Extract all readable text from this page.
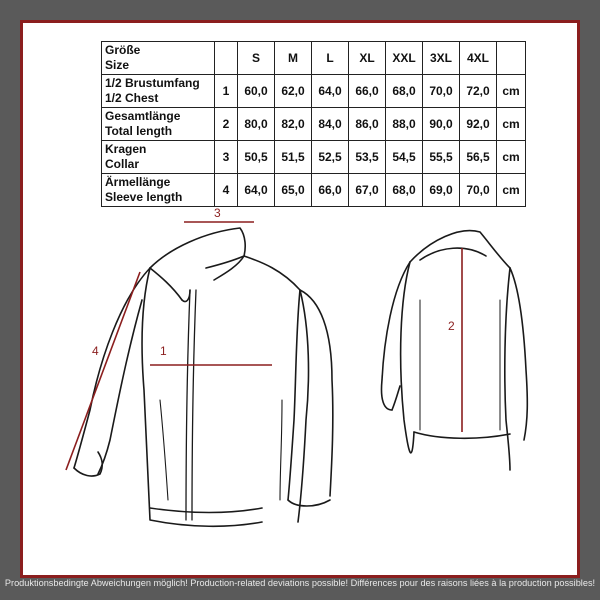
Größe
Size		S	M	L	XL	XXL	3XL	4XL	

1/2 Brustumfang
1/2 Chest	1	60,0	62,0	64,0	66,0	68,0	70,0	72,0	cm

Gesamtlänge
Total length	2	80,0	82,0	84,0	86,0	88,0	90,0	92,0	cm

Kragen
Collar	3	50,5	51,5	52,5	53,5	54,5	55,5	56,5	cm

Ärmellänge
Sleeve length	4	64,0	65,0	66,0	67,0	68,0	69,0	70,0	cm
3
1
2
4
Produktionsbedingte Abweichungen möglich! Production-related deviations possible! Différences pour des raisons liées à la production possibles!
